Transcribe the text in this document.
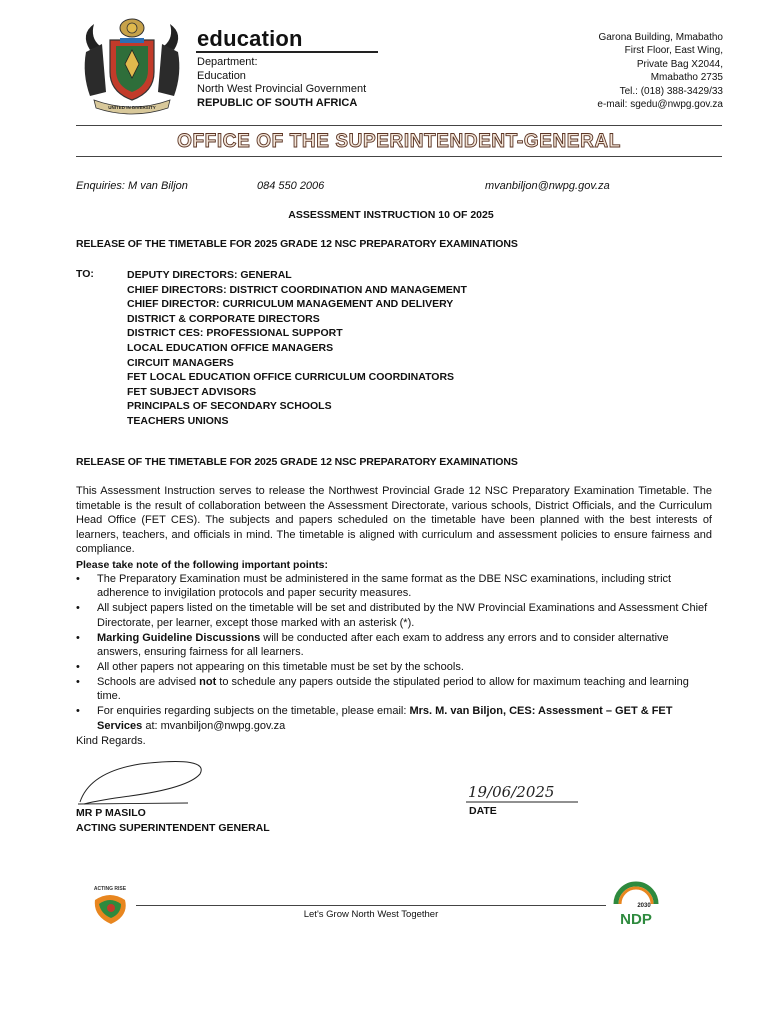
UNITED IN DIVERSITY
education
Department:
Education
North West Provincial Government
REPUBLIC OF SOUTH AFRICA
Garona Building, Mmabatho
First Floor, East Wing,
Private Bag X2044,
Mmabatho 2735
Tel.: (018) 388-3429/33
e-mail: sgedu@nwpg.gov.za
OFFICE OF THE SUPERINTENDENT-GENERAL
Enquiries: M van Biljon	084 550 2006	mvanbiljon@nwpg.gov.za
ASSESSMENT INSTRUCTION 10 OF 2025
RELEASE OF THE TIMETABLE FOR 2025 GRADE 12 NSC PREPARATORY EXAMINATIONS
TO:	DEPUTY DIRECTORS: GENERAL
CHIEF DIRECTORS: DISTRICT COORDINATION AND MANAGEMENT
CHIEF DIRECTOR: CURRICULUM MANAGEMENT AND DELIVERY
DISTRICT & CORPORATE DIRECTORS
DISTRICT CES: PROFESSIONAL SUPPORT
LOCAL EDUCATION OFFICE MANAGERS
CIRCUIT MANAGERS
FET LOCAL EDUCATION OFFICE CURRICULUM COORDINATORS
FET SUBJECT ADVISORS
PRINCIPALS OF SECONDARY SCHOOLS
TEACHERS UNIONS
RELEASE OF THE TIMETABLE FOR 2025 GRADE 12 NSC PREPARATORY EXAMINATIONS
This Assessment Instruction serves to release the Northwest Provincial Grade 12 NSC Preparatory Examination Timetable. The timetable is the result of collaboration between the Assessment Directorate, various schools, District Officials, and the Curriculum Head Office (FET CES). The subjects and papers scheduled on the timetable have been planned with the best interests of learners, teachers, and officials in mind. The timetable is aligned with curriculum and assessment policies to ensure fairness and compliance.
Please take note of the following important points:
• The Preparatory Examination must be administered in the same format as the DBE NSC examinations, including strict adherence to invigilation protocols and paper security measures.
• All subject papers listed on the timetable will be set and distributed by the NW Provincial Examinations and Assessment Chief Directorate, per learner, except those marked with an asterisk (*).
• Marking Guideline Discussions will be conducted after each exam to address any errors and to consider alternative answers, ensuring fairness for all learners.
• All other papers not appearing on this timetable must be set by the schools.
• Schools are advised not to schedule any papers outside the stipulated period to allow for maximum teaching and learning time.
• For enquiries regarding subjects on the timetable, please email: Mrs. M. van Biljon, CES: Assessment – GET & FET Services at: mvanbiljon@nwpg.gov.za
Kind Regards.
MR P MASILO
ACTING SUPERINTENDENT GENERAL
19/06/2025
DATE
ACTING RISE
Let's Grow North West Together
2030
NDP
